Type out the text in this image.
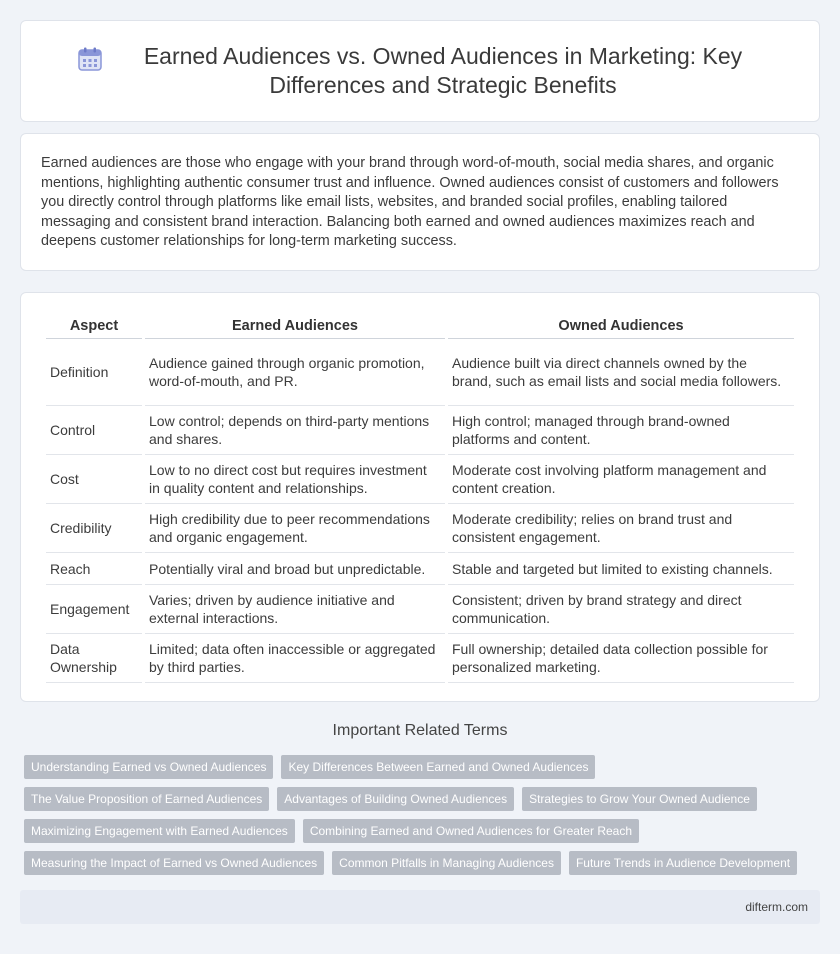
Earned Audiences vs. Owned Audiences in Marketing: Key Differences and Strategic Benefits

Earned audiences are those who engage with your brand through word-of-mouth, social media shares, and organic mentions, highlighting authentic consumer trust and influence. Owned audiences consist of customers and followers you directly control through platforms like email lists, websites, and branded social profiles, enabling tailored messaging and consistent brand interaction. Balancing both earned and owned audiences maximizes reach and deepens customer relationships for long-term marketing success.

Aspect	Earned Audiences	Owned Audiences
Definition	Audience gained through organic promotion, word-of-mouth, and PR.	Audience built via direct channels owned by the brand, such as email lists and social media followers.
Control	Low control; depends on third-party mentions and shares.	High control; managed through brand-owned platforms and content.
Cost	Low to no direct cost but requires investment in quality content and relationships.	Moderate cost involving platform management and content creation.
Credibility	High credibility due to peer recommendations and organic engagement.	Moderate credibility; relies on brand trust and consistent engagement.
Reach	Potentially viral and broad but unpredictable.	Stable and targeted but limited to existing channels.
Engagement	Varies; driven by audience initiative and external interactions.	Consistent; driven by brand strategy and direct communication.
Data Ownership	Limited; data often inaccessible or aggregated by third parties.	Full ownership; detailed data collection possible for personalized marketing.
Important Related Terms
Understanding Earned vs Owned Audiences	Key Differences Between Earned and Owned Audiences
The Value Proposition of Earned Audiences	Advantages of Building Owned Audiences	Strategies to Grow Your Owned Audience
Maximizing Engagement with Earned Audiences	Combining Earned and Owned Audiences for Greater Reach
Measuring the Impact of Earned vs Owned Audiences	Common Pitfalls in Managing Audiences	Future Trends in Audience Development
difterm.com
